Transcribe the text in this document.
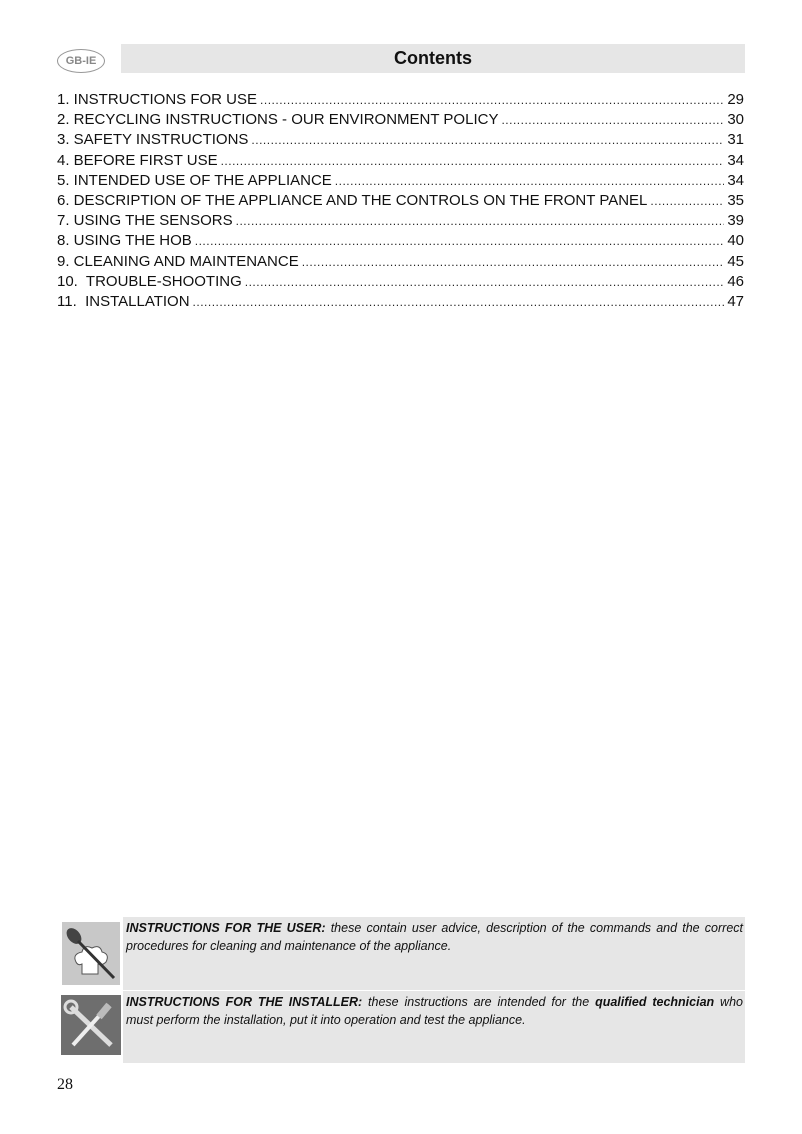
GB-IE	Contents
1. INSTRUCTIONS FOR USE .....	29
2. RECYCLING INSTRUCTIONS - OUR ENVIRONMENT POLICY .....	30
3. SAFETY INSTRUCTIONS .....	31
4. BEFORE FIRST USE .....	34
5. INTENDED USE OF THE APPLIANCE .....	34
6. DESCRIPTION OF THE APPLIANCE AND THE CONTROLS ON THE FRONT PANEL .....	35
7. USING THE SENSORS .....	39
8. USING THE HOB .....	40
9. CLEANING AND MAINTENANCE .....	45
10.  TROUBLE-SHOOTING .....	46
11.  INSTALLATION .....	47
INSTRUCTIONS FOR THE USER: these contain user advice, description of the commands and the correct procedures for cleaning and maintenance of the appliance.
INSTRUCTIONS FOR THE INSTALLER: these instructions are intended for the qualified technician who must perform the installation, put it into operation and test the appliance.
28
